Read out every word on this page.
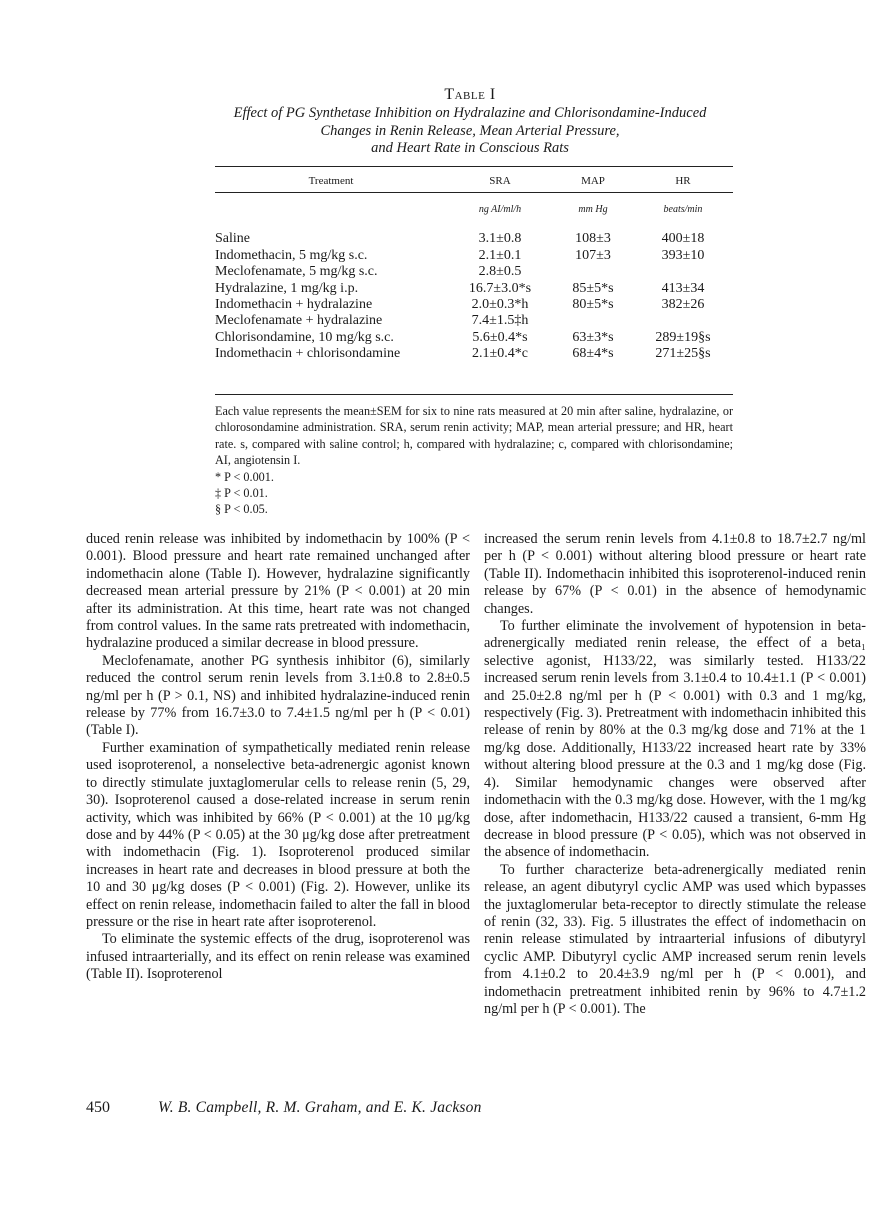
Table I
Effect of PG Synthetase Inhibition on Hydralazine and Chlorisondamine-Induced
Changes in Renin Release, Mean Arterial Pressure,
and Heart Rate in Conscious Rats
Treatment	SRA	MAP	HR
	ng AI/ml/h	mm Hg	beats/min
Saline	3.1±0.8	108±3	400±18
Indomethacin, 5 mg/kg s.c.	2.1±0.1	107±3	393±10
Meclofenamate, 5 mg/kg s.c.	2.8±0.5		
Hydralazine, 1 mg/kg i.p.	16.7±3.0*s	85±5*s	413±34
Indomethacin + hydralazine	2.0±0.3*h	80±5*s	382±26
Meclofenamate + hydralazine	7.4±1.5‡h		
Chlorisondamine, 10 mg/kg s.c.	5.6±0.4*s	63±3*s	289±19§s
Indomethacin + chlorisondamine	2.1±0.4*c	68±4*s	271±25§s

Each value represents the mean±SEM for six to nine rats measured at 20 min after saline, hydralazine, or chlorosondamine administration. SRA, serum renin activity; MAP, mean arterial pressure; and HR, heart rate. s, compared with saline control; h, compared with hydralazine; c, compared with chlorisondamine; AI, angiotensin I.

* P < 0.001.

‡ P < 0.01.

§ P < 0.05.

duced renin release was inhibited by indomethacin by 100% (P < 0.001). Blood pressure and heart rate remained unchanged after indomethacin alone (Table I). However, hydralazine significantly decreased mean arterial pressure by 21% (P < 0.001) at 20 min after its administration. At this time, heart rate was not changed from control values. In the same rats pretreated with indomethacin, hydralazine produced a similar decrease in blood pressure.

Meclofenamate, another PG synthesis inhibitor (6), similarly reduced the control serum renin levels from 3.1±0.8 to 2.8±0.5 ng/ml per h (P > 0.1, NS) and inhibited hydralazine-induced renin release by 77% from 16.7±3.0 to 7.4±1.5 ng/ml per h (P < 0.01) (Table I).

Further examination of sympathetically mediated renin release used isoproterenol, a nonselective beta-adrenergic agonist known to directly stimulate juxtaglomerular cells to release renin (5, 29, 30). Isoproterenol caused a dose-related increase in serum renin activity, which was inhibited by 66% (P < 0.001) at the 10 μg/kg dose and by 44% (P < 0.05) at the 30 μg/kg dose after pretreatment with indomethacin (Fig. 1). Isoproterenol produced similar increases in heart rate and decreases in blood pressure at both the 10 and 30 μg/kg doses (P < 0.001) (Fig. 2). However, unlike its effect on renin release, indomethacin failed to alter the fall in blood pressure or the rise in heart rate after isoproterenol.

To eliminate the systemic effects of the drug, isoproterenol was infused intraarterially, and its effect on renin release was examined (Table II). Isoproterenol

increased the serum renin levels from 4.1±0.8 to 18.7±2.7 ng/ml per h (P < 0.001) without altering blood pressure or heart rate (Table II). Indomethacin inhibited this isoproterenol-induced renin release by 67% (P < 0.01) in the absence of hemodynamic changes.

To further eliminate the involvement of hypotension in beta-adrenergically mediated renin release, the effect of a beta₁ selective agonist, H133/22, was similarly tested. H133/22 increased serum renin levels from 3.1±0.4 to 10.4±1.1 (P < 0.001) and 25.0±2.8 ng/ml per h (P < 0.001) with 0.3 and 1 mg/kg, respectively (Fig. 3). Pretreatment with indomethacin inhibited this release of renin by 80% at the 0.3 mg/kg dose and 71% at the 1 mg/kg dose. Additionally, H133/22 increased heart rate by 33% without altering blood pressure at the 0.3 and 1 mg/kg dose (Fig. 4). Similar hemodynamic changes were observed after indomethacin with the 0.3 mg/kg dose. However, with the 1 mg/kg dose, after indomethacin, H133/22 caused a transient, 6-mm Hg decrease in blood pressure (P < 0.05), which was not observed in the absence of indomethacin.

To further characterize beta-adrenergically mediated renin release, an agent dibutyryl cyclic AMP was used which bypasses the juxtaglomerular beta-receptor to directly stimulate the release of renin (32, 33). Fig. 5 illustrates the effect of indomethacin on renin release stimulated by intraarterial infusions of dibutyryl cyclic AMP. Dibutyryl cyclic AMP increased serum renin levels from 4.1±0.2 to 20.4±3.9 ng/ml per h (P < 0.001), and indomethacin pretreatment inhibited renin by 96% to 4.7±1.2 ng/ml per h (P < 0.001). The

450	W. B. Campbell, R. M. Graham, and E. K. Jackson
